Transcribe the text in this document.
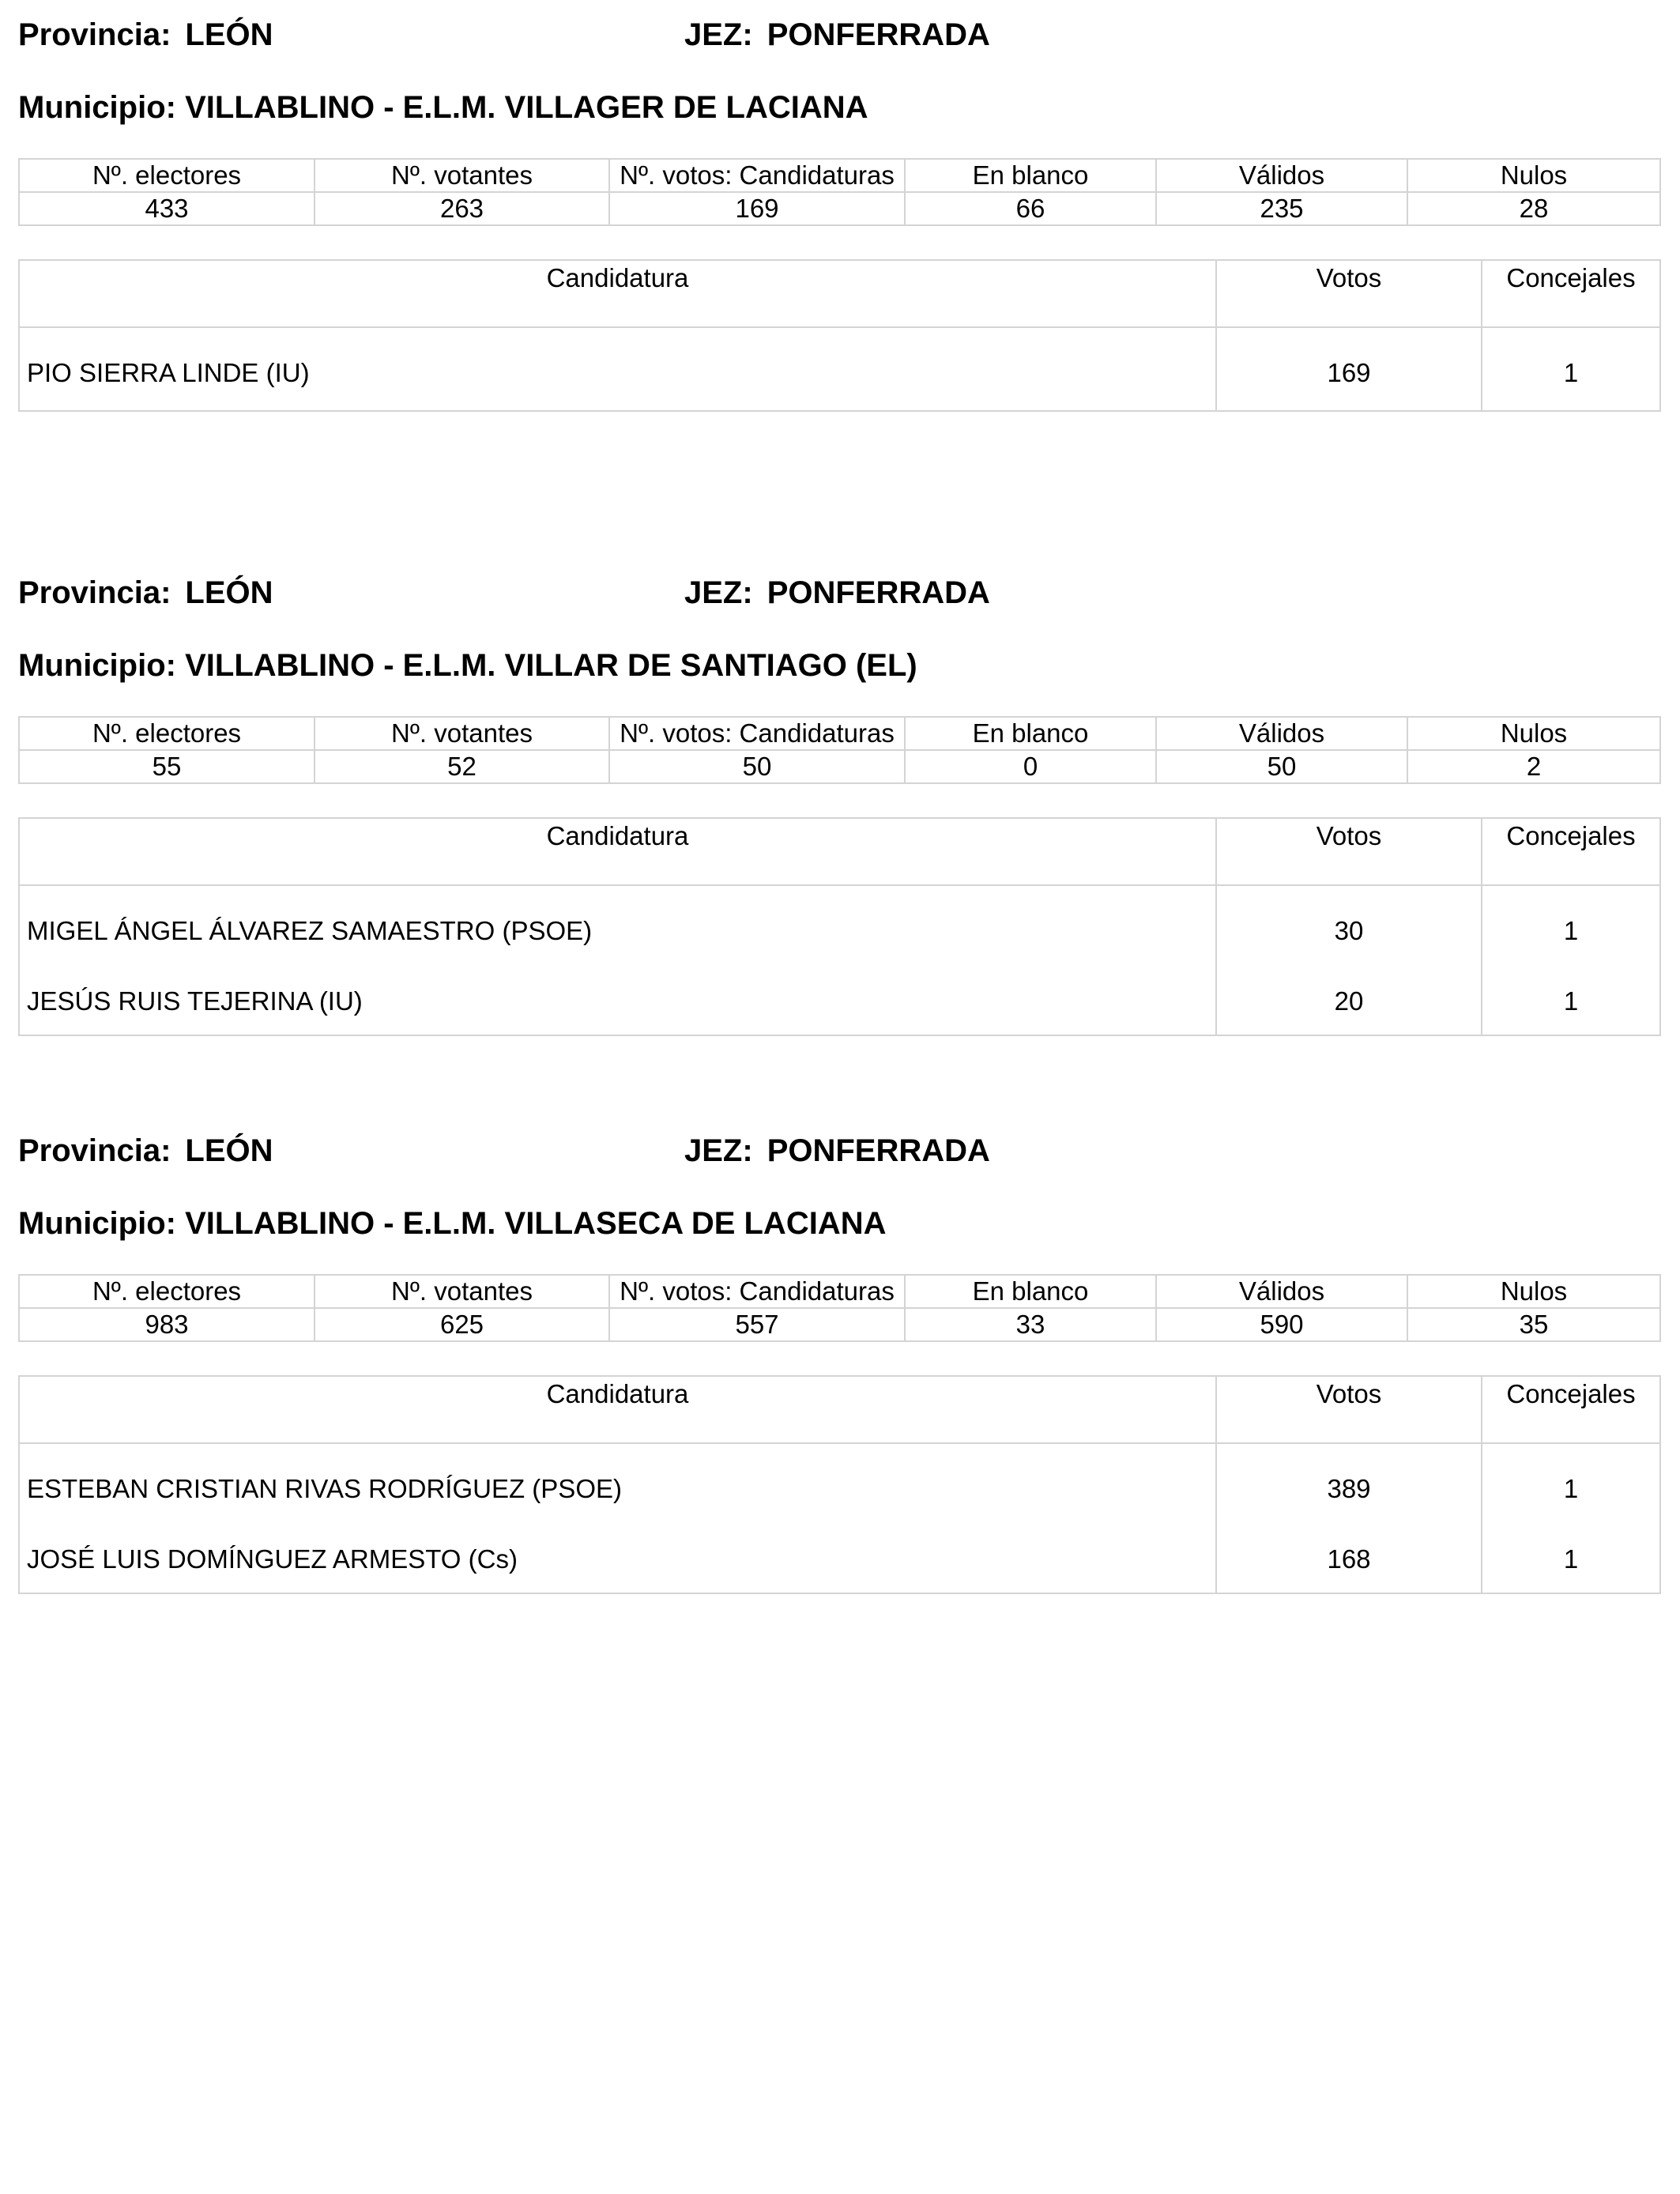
Provincia: LEÓN	JEZ: PONFERRADA
Municipio: VILLABLINO - E.L.M. VILLAGER DE LACIANA
Nº. electores	Nº. votantes	Nº. votos: Candidaturas	En blanco	Válidos	Nulos
433	263	169	66	235	28
Candidatura	Votos	Concejales
PIO SIERRA LINDE (IU)	169	1
Provincia: LEÓN	JEZ: PONFERRADA
Municipio: VILLABLINO - E.L.M. VILLAR DE SANTIAGO (EL)
Nº. electores	Nº. votantes	Nº. votos: Candidaturas	En blanco	Válidos	Nulos
55	52	50	0	50	2
Candidatura	Votos	Concejales
MIGEL ÁNGEL ÁLVAREZ SAMAESTRO (PSOE)	30	1
JESÚS RUIS TEJERINA (IU)	20	1
Provincia: LEÓN	JEZ: PONFERRADA
Municipio: VILLABLINO - E.L.M. VILLASECA DE LACIANA
Nº. electores	Nº. votantes	Nº. votos: Candidaturas	En blanco	Válidos	Nulos
983	625	557	33	590	35
Candidatura	Votos	Concejales
ESTEBAN CRISTIAN RIVAS RODRÍGUEZ (PSOE)	389	1
JOSÉ LUIS DOMÍNGUEZ ARMESTO (Cs)	168	1
